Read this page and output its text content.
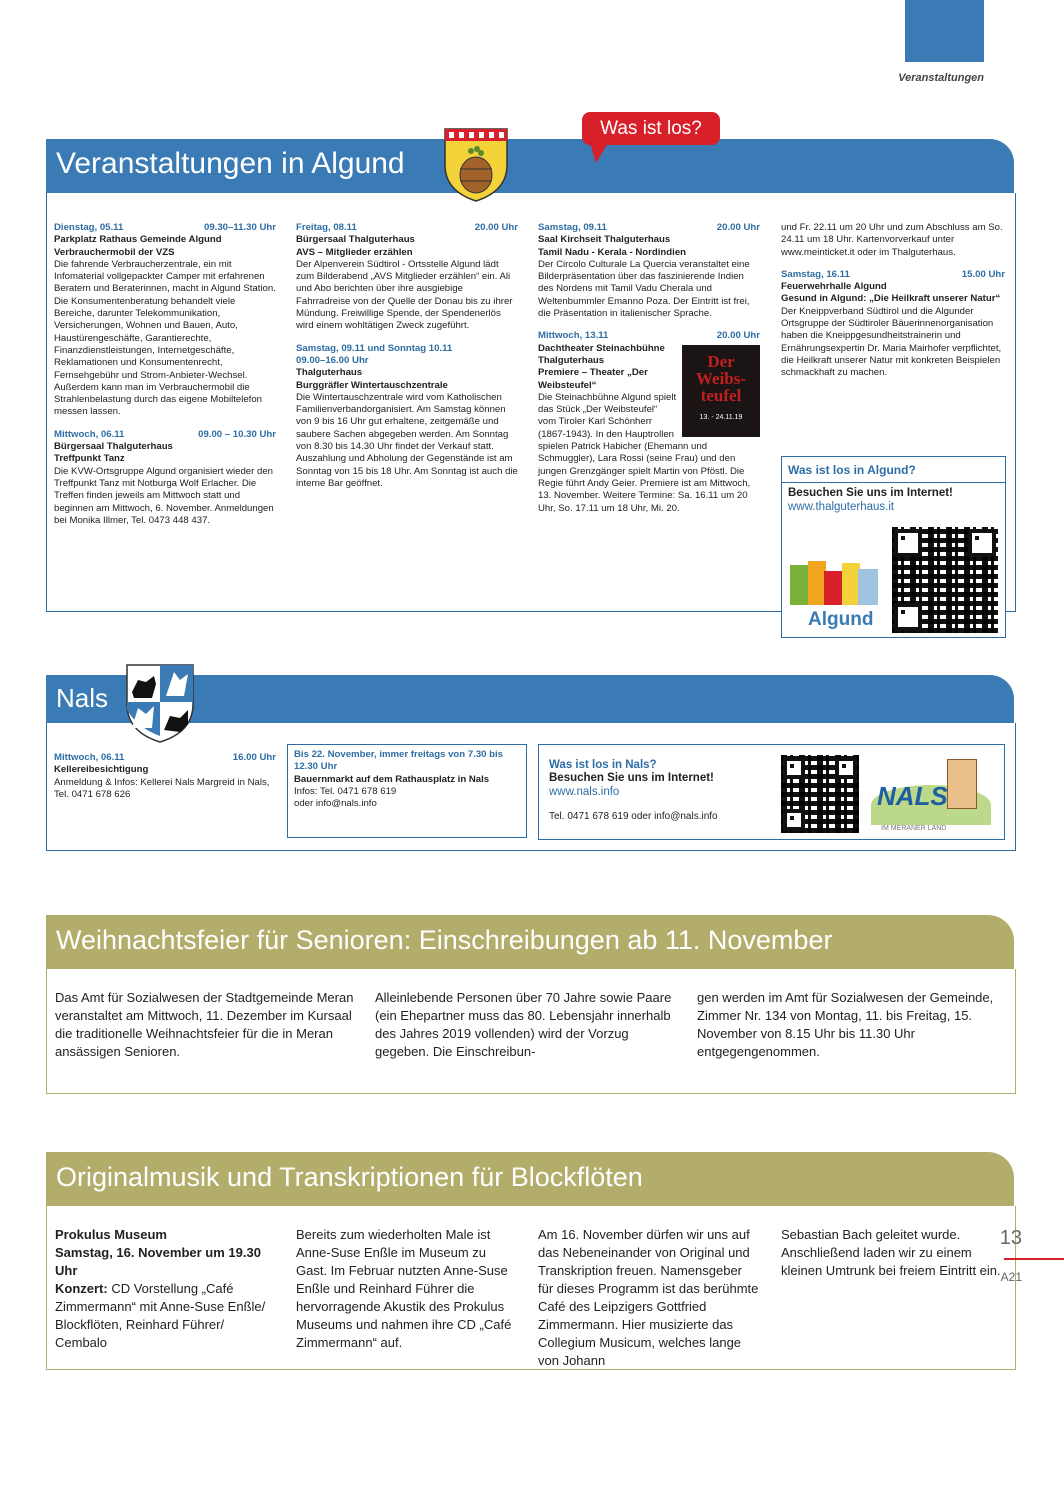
Veranstaltungen
Veranstaltungen in Algund
Was ist los?
Dienstag, 05.11	09.30–11.30 Uhr

Parkplatz Rathaus Gemeinde Algund

Verbrauchermobil der VZS

Die fahrende Verbraucherzentrale, ein mit Infomaterial vollgepackter Camper mit erfahrenen Beratern und Beraterinnen, macht in Algund Station. Die Konsumentenberatung behandelt viele Bereiche, darunter Telekommunikation, Versicherungen, Wohnen und Bauen, Auto, Haustürengeschäfte, Garantierechte, Finanzdienstleistungen, Internetgeschäfte, Reklamationen und Konsumentenrecht, Fernsehgebühr und Strom-Anbieter-Wechsel. Außerdem kann man im Verbrauchermobil die Strahlenbelastung durch das eigene Mobiltelefon messen lassen.

Mittwoch, 06.11	09.00 – 10.30 Uhr

Bürgersaal Thalguterhaus

Treffpunkt Tanz

Die KVW-Ortsgruppe Algund organisiert wieder den Treffpunkt Tanz mit Notburga Wolf Erlacher. Die Treffen finden jeweils am Mittwoch statt und beginnen am Mittwoch, 6. November. Anmeldungen bei Monika Illmer, Tel. 0473 448 437.

Freitag, 08.11	20.00 Uhr

Bürgersaal Thalguterhaus

AVS – Mitglieder erzählen

Der Alpenverein Südtirol - Ortsstelle Algund lädt zum Bilderabend „AVS Mitglieder erzählen“ ein. Ali und Abo berichten über ihre ausgiebige Fahrradreise von der Quelle der Donau bis zu ihrer Mündung. Freiwillige Spende, der Spendenerlös wird einem wohltätigen Zweck zugeführt.

Samstag, 09.11 und Sonntag 10.11

09.00–16.00 Uhr

Thalguterhaus

Burggräfler Wintertauschzentrale

Die Wintertauschzentrale wird vom Katholischen Familienverbandorganisiert. Am Samstag können von 9 bis 16 Uhr gut erhaltene, zeitgemäße und saubere Sachen abgegeben werden. Am Sonntag von 8.30 bis 14.30 Uhr findet der Verkauf statt. Auszahlung und Abholung der Gegenstände ist am Sonntag von 15 bis 18 Uhr. Am Sonntag ist auch die interne Bar geöffnet.

Samstag, 09.11	20.00 Uhr

Saal Kirchseit Thalguterhaus

Tamil Nadu - Kerala - Nordindien

Der Circolo Culturale La Quercia veranstaltet eine Bilderpräsentation über das faszinierende Indien des Nordens mit Tamil Vadu Cherala und Weltenbummler Emanno Poza. Der Eintritt ist frei, die Präsentation in italienischer Sprache.

Mittwoch, 13.11	20.00 Uhr
Der Weibs-teufel
13. - 24.11.19

Dachtheater Steinachbühne Thalguterhaus

Premiere – Theater „Der Weibsteufel“

Die Steinachbühne Algund spielt das Stück „Der Weibsteufel“ vom Tiroler Karl Schönherr (1867-1943). In den Hauptrollen spielen Patrick Habicher (Ehemann und Schmuggler), Lara Rossi (seine Frau) und den jungen Grenzgänger spielt Martin von Pföstl. Die Regie führt Andy Geier. Premiere ist am Mittwoch, 13. November. Weitere Termine: Sa. 16.11 um 20 Uhr, So. 17.11 um 18 Uhr, Mi. 20.

und Fr. 22.11 um 20 Uhr und zum Abschluss am So. 24.11 um 18 Uhr. Kartenvorverkauf unter www.meinticket.it oder im Thalguterhaus.

Samstag, 16.11	15.00 Uhr

Feuerwehrhalle Algund

Gesund in Algund: „Die Heilkraft unserer Natur“

Der Kneippverband Südtirol und die Algunder Ortsgruppe der Südtiroler Bäuerinnenorganisation haben die Kneippgesundheitstrainerin und Ernährungsexpertin Dr. Maria Mairhofer verpflichtet, die Heilkraft unserer Natur mit konkreten Beispielen schmackhaft zu machen.

Was ist los in Algund?
Besuchen Sie uns im Internet!
www.thalguterhaus.it
Algund
Nals
Mittwoch, 06.11	16.00 Uhr

Kellereibesichtigung

Anmeldung & Infos: Kellerei Nals Margreid in Nals, Tel. 0471 678 626

Bis 22. November, immer freitags von 7.30 bis 12.30 Uhr

Bauernmarkt auf dem Rathausplatz in Nals

Infos: Tel. 0471 678 619

oder info@nals.info

Was ist los in Nals?
Besuchen Sie uns im Internet!
www.nals.info
Tel. 0471 678 619 oder info@nals.info
NALS
IM MERANER LAND
Weihnachtsfeier für Senioren: Einschreibungen ab 11. November
Das Amt für Sozialwesen der Stadtgemeinde Meran veranstaltet am Mittwoch, 11. Dezember im Kursaal die traditionelle Weihnachtsfeier für die in Meran ansässigen Senioren.
Alleinlebende Personen über 70 Jahre sowie Paare (ein Ehepartner muss das 80. Lebensjahr innerhalb des Jahres 2019 vollenden) wird der Vorzug gegeben. Die Einschreibun-
gen werden im Amt für Sozialwesen der Gemeinde, Zimmer Nr. 134 von Montag, 11. bis Freitag, 15. November von 8.15 Uhr bis 11.30 Uhr entgegengenommen.
Originalmusik und Transkriptionen für Blockflöten
Prokulus Museum
Samstag, 16. November um 19.30 Uhr
Konzert: CD Vorstellung „Café Zimmermann“ mit Anne-Suse Enßle/ Blockflöten, Reinhard Führer/ Cembalo
Bereits zum wiederholten Male ist Anne-Suse Enßle im Museum zu Gast. Im Februar nutzten Anne-Suse Enßle und Reinhard Führer die hervorragende Akustik des Prokulus Museums und nahmen ihre CD „Café Zimmermann“ auf.
Am 16. November dürfen wir uns auf das Nebeneinander von Original und Transkription freuen. Namensgeber für dieses Programm ist das berühmte Café des Leipzigers Gottfried Zimmermann. Hier musizierte das Collegium Musicum, welches lange von Johann
Sebastian Bach geleitet wurde. Anschließend laden wir zu einem kleinen Umtrunk bei freiem Eintritt ein.
13
A21
